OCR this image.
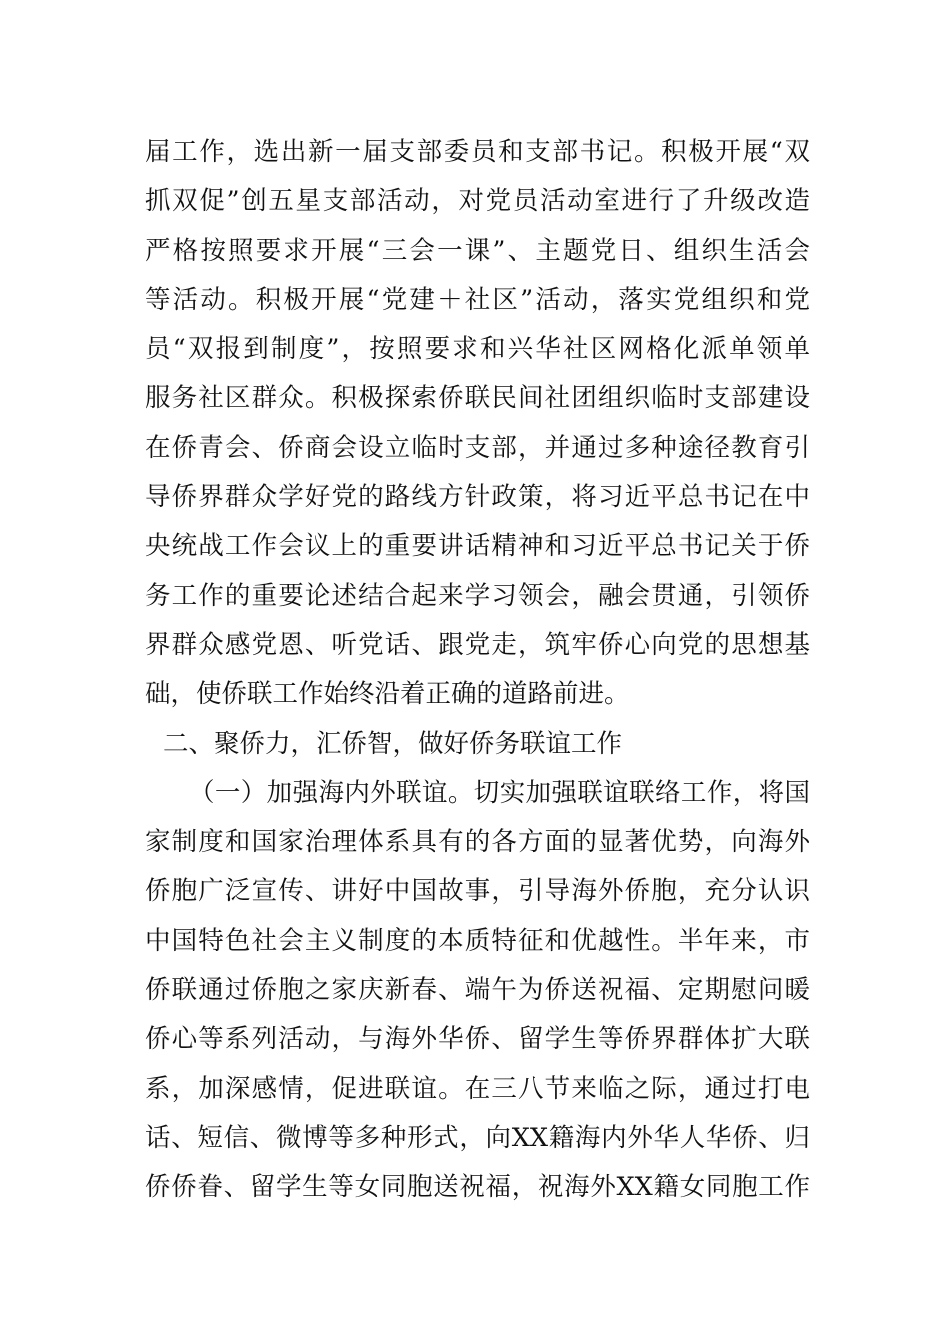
届工作，选出新一届支部委员和支部书记。积极开展“双
抓双促”创五星支部活动，对党员活动室进行了升级改造
严格按照要求开展“三会一课”、主题党日、组织生活会
等活动。积极开展“党建＋社区”活动，落实党组织和党
员“双报到制度”，按照要求和兴华社区网格化派单领单
服务社区群众。积极探索侨联民间社团组织临时支部建设
在侨青会、侨商会设立临时支部，并通过多种途径教育引
导侨界群众学好党的路线方针政策，将习近平总书记在中
央统战工作会议上的重要讲话精神和习近平总书记关于侨
务工作的重要论述结合起来学习领会，融会贯通，引领侨
界群众感党恩、听党话、跟党走，筑牢侨心向党的思想基
础，使侨联工作始终沿着正确的道路前进。
二、聚侨力，汇侨智，做好侨务联谊工作
（一）加强海内外联谊。切实加强联谊联络工作，将国
家制度和国家治理体系具有的各方面的显著优势，向海外
侨胞广泛宣传、讲好中国故事，引导海外侨胞，充分认识
中国特色社会主义制度的本质特征和优越性。半年来，市
侨联通过侨胞之家庆新春、端午为侨送祝福、定期慰问暖
侨心等系列活动，与海外华侨、留学生等侨界群体扩大联
系，加深感情，促进联谊。在三八节来临之际，通过打电
话、短信、微博等多种形式，向XX籍海内外华人华侨、归
侨侨眷、留学生等女同胞送祝福，祝海外XX籍女同胞工作
